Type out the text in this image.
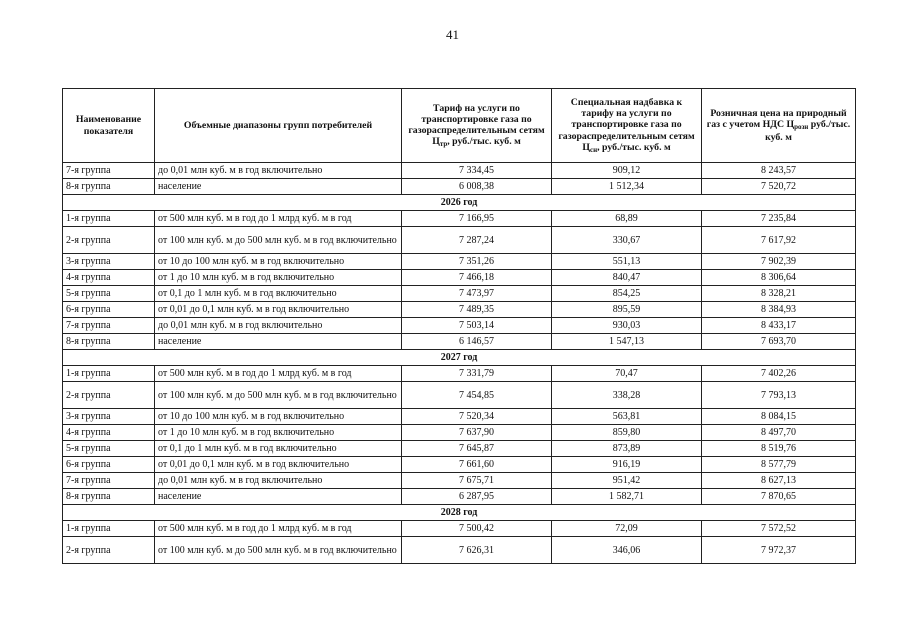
41
Наименование показателя	Объемные диапазоны групп потребителей	Тариф на услуги по транспортировке газа по газораспределительным сетям $Ц_{тр}$, руб./тыс. куб. м	Специальная надбавка к тарифу на услуги по транспортировке газа по газораспределительным сетям $Ц_{сн}$, руб./тыс. куб. м	Розничная цена на природный газ с учетом НДС $Ц_{розн}$ руб./тыс. куб. м
7-я группа	до 0,01 млн куб. м в год включительно	7 334,45	909,12	8 243,57
8-я группа	население	6 008,38	1 512,34	7 520,72
2026 год				
1-я группа	от 500 млн куб. м в год до 1 млрд куб. м в год	7 166,95	68,89	7 235,84
2-я группа	от 100 млн куб. м до 500 млн куб. м в год включительно	7 287,24	330,67	7 617,92
3-я группа	от 10 до 100 млн куб. м в год включительно	7 351,26	551,13	7 902,39
4-я группа	от 1 до 10 млн куб. м в год включительно	7 466,18	840,47	8 306,64
5-я группа	от 0,1 до 1 млн куб. м в год включительно	7 473,97	854,25	8 328,21
6-я группа	от 0,01 до 0,1 млн куб. м в год включительно	7 489,35	895,59	8 384,93
7-я группа	до 0,01 млн куб. м в год включительно	7 503,14	930,03	8 433,17
8-я группа	население	6 146,57	1 547,13	7 693,70
2027 год				
1-я группа	от 500 млн куб. м в год до 1 млрд куб. м в год	7 331,79	70,47	7 402,26
2-я группа	от 100 млн куб. м до 500 млн куб. м в год включительно	7 454,85	338,28	7 793,13
3-я группа	от 10 до 100 млн куб. м в год включительно	7 520,34	563,81	8 084,15
4-я группа	от 1 до 10 млн куб. м в год включительно	7 637,90	859,80	8 497,70
5-я группа	от 0,1 до 1 млн куб. м в год включительно	7 645,87	873,89	8 519,76
6-я группа	от 0,01 до 0,1 млн куб. м в год включительно	7 661,60	916,19	8 577,79
7-я группа	до 0,01 млн куб. м в год включительно	7 675,71	951,42	8 627,13
8-я группа	население	6 287,95	1 582,71	7 870,65
2028 год				
1-я группа	от 500 млн куб. м в год до 1 млрд куб. м в год	7 500,42	72,09	7 572,52
2-я группа	от 100 млн куб. м до 500 млн куб. м в год включительно	7 626,31	346,06	7 972,37
